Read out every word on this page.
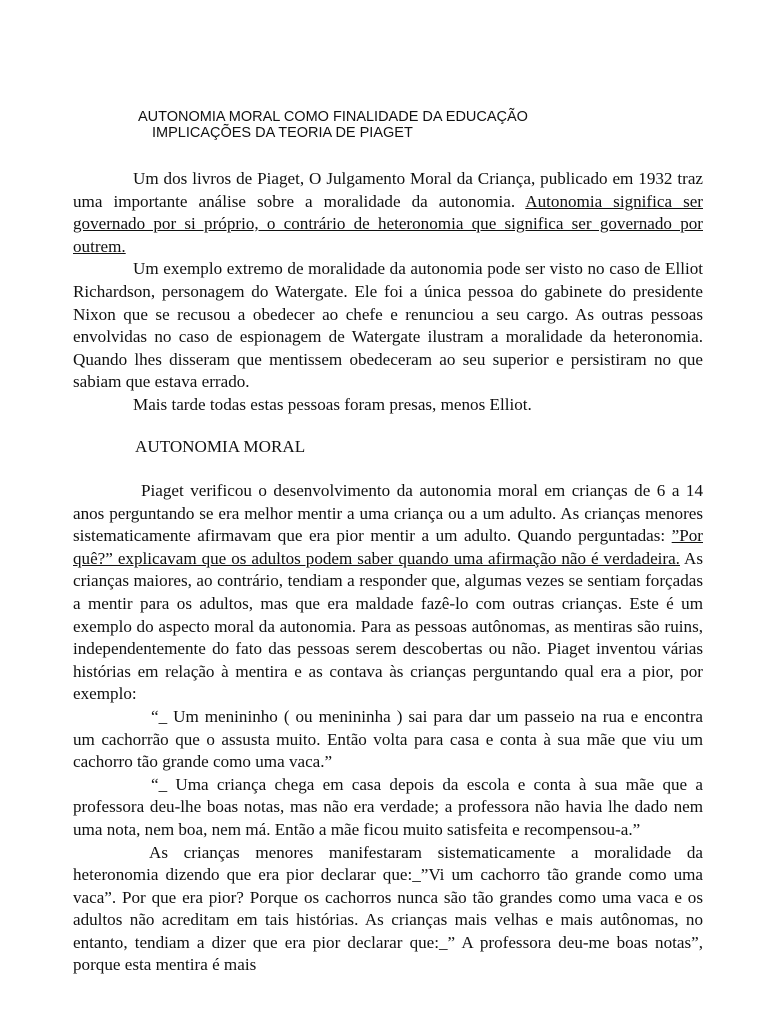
AUTONOMIA MORAL COMO FINALIDADE DA EDUCAÇÃO
IMPLICAÇÕES DA TEORIA DE PIAGET

Um dos livros de Piaget, O Julgamento Moral da Criança, publicado em 1932 traz uma importante análise sobre a moralidade da autonomia. Autonomia significa ser governado por si próprio, o contrário de heteronomia que significa ser governado por outrem.

Um exemplo extremo de moralidade da autonomia pode ser visto no caso de Elliot Richardson, personagem do Watergate. Ele foi a única pessoa do gabinete do presidente Nixon que se recusou a obedecer ao chefe e renunciou a seu cargo. As outras pessoas envolvidas no caso de espionagem de Watergate ilustram a moralidade da heteronomia. Quando lhes disseram que mentissem obedeceram ao seu superior e persistiram no que sabiam que estava errado.

Mais tarde todas estas pessoas foram presas, menos Elliot.

AUTONOMIA MORAL

Piaget verificou o desenvolvimento da autonomia moral em crianças de 6 a 14 anos perguntando se era melhor mentir a uma criança ou a um adulto. As crianças menores sistematicamente afirmavam que era pior mentir a um adulto. Quando perguntadas: ”Por quê?” explicavam que os adultos podem saber quando uma afirmação não é verdadeira. As crianças maiores, ao contrário, tendiam a responder que, algumas vezes se sentiam forçadas a mentir para os adultos, mas que era maldade fazê-lo com outras crianças. Este é um exemplo do aspecto moral da autonomia. Para as pessoas autônomas, as mentiras são ruins, independentemente do fato das pessoas serem descobertas ou não. Piaget inventou várias histórias em relação à mentira e as contava às crianças perguntando qual era a pior, por exemplo:

“_ Um menininho ( ou menininha ) sai para dar um passeio na rua e encontra um cachorrão que o assusta muito. Então volta para casa e conta à sua mãe que viu um cachorro tão grande como uma vaca.”

“_ Uma criança chega em casa depois da escola e conta à sua mãe que a professora deu-lhe boas notas, mas não era verdade; a professora não havia lhe dado nem uma nota, nem boa, nem má. Então a mãe ficou muito satisfeita e recompensou-a.”

As crianças menores manifestaram sistematicamente a moralidade da heteronomia dizendo que era pior declarar que:_”Vi um cachorro tão grande como uma vaca”. Por que era pior? Porque os cachorros nunca são tão grandes como uma vaca e os adultos não acreditam em tais histórias. As crianças mais velhas e mais autônomas, no entanto, tendiam a dizer que era pior declarar que:_” A professora deu-me boas notas”, porque esta mentira é mais
